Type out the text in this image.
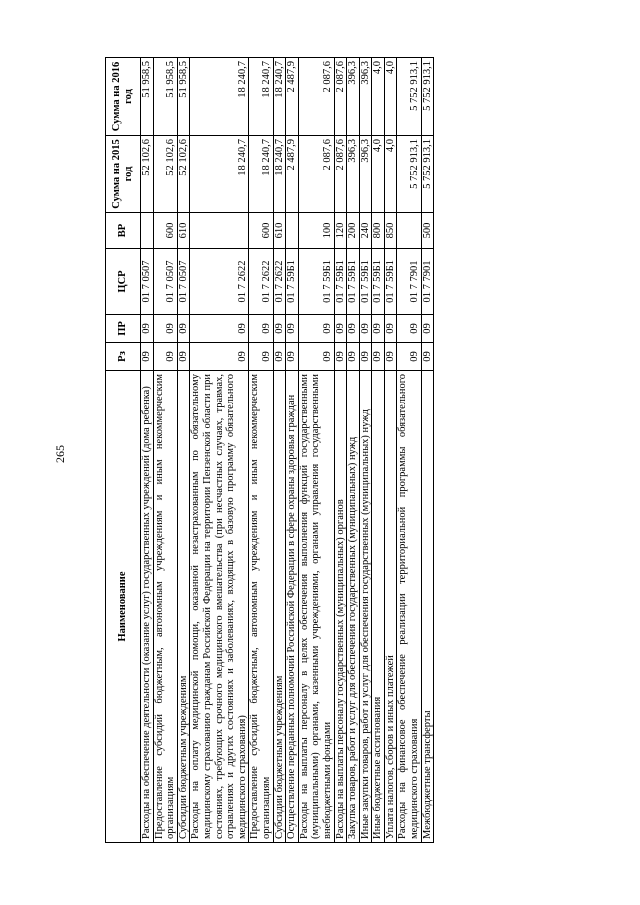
265
Наименование	Рз	ПР	ЦСР	ВР	Сумма на 2015 год	Сумма на 2016 год
Расходы на обеспечение деятельности (оказание услуг) государственных учреждений (дома ребенка)	09	09	01 7 0507		52 102,6	51 958,5
Предоставление субсидий бюджетным, автономным учреждениям и иным некоммерческим организациям	09	09	01 7 0507	600	52 102,6	51 958,5
Субсидии бюджетным учреждениям	09	09	01 7 0507	610	52 102,6	51 958,5
Расходы на оплату медицинской помощи, оказанной незастрахованным по обязательному медицинскому страхованию гражданам Российской Федерации на территории Пензенской области при состояниях, требующих срочного медицинского вмешательства (при несчастных случаях, травмах, отравлениях и других состояниях и заболеваниях, входящих в базовую программу обязательного медицинского страхования)	09	09	01 7 2622		18 240,7	18 240,7
Предоставление субсидий бюджетным, автономным учреждениям и иным некоммерческим организациям	09	09	01 7 2622	600	18 240,7	18 240,7
Субсидии бюджетным учреждениям	09	09	01 7 2622	610	18 240,7	18 240,7
Осуществление переданных полномочий Российской Федерации в сфере охраны здоровья граждан	09	09	01 7 59Б1		2 487,9	2 487,9
Расходы на выплаты персоналу в целях обеспечения выполнения функций государственными (муниципальными) органами, казенными учреждениями, органами управления государственными внебюджетными фондами	09	09	01 7 59Б1	100	2 087,6	2 087,6
Расходы на выплаты персоналу государственных (муниципальных) органов	09	09	01 7 59Б1	120	2 087,6	2 087,6
Закупка товаров, работ и услуг для обеспечения государственных (муниципальных) нужд	09	09	01 7 59Б1	200	396,3	396,3
Иные закупки товаров, работ и услуг для обеспечения государственных (муниципальных) нужд	09	09	01 7 59Б1	240	396,3	396,3
Иные бюджетные ассигнования	09	09	01 7 59Б1	800	4,0	4,0
Уплата налогов, сборов и иных платежей	09	09	01 7 59Б1	850	4,0	4,0
Расходы на финансовое обеспечение реализации территориальной программы обязательного медицинского страхования	09	09	01 7 7901		5 752 913,1	5 752 913,1
Межбюджетные трансферты	09	09	01 7 7901	500	5 752 913,1	5 752 913,1
